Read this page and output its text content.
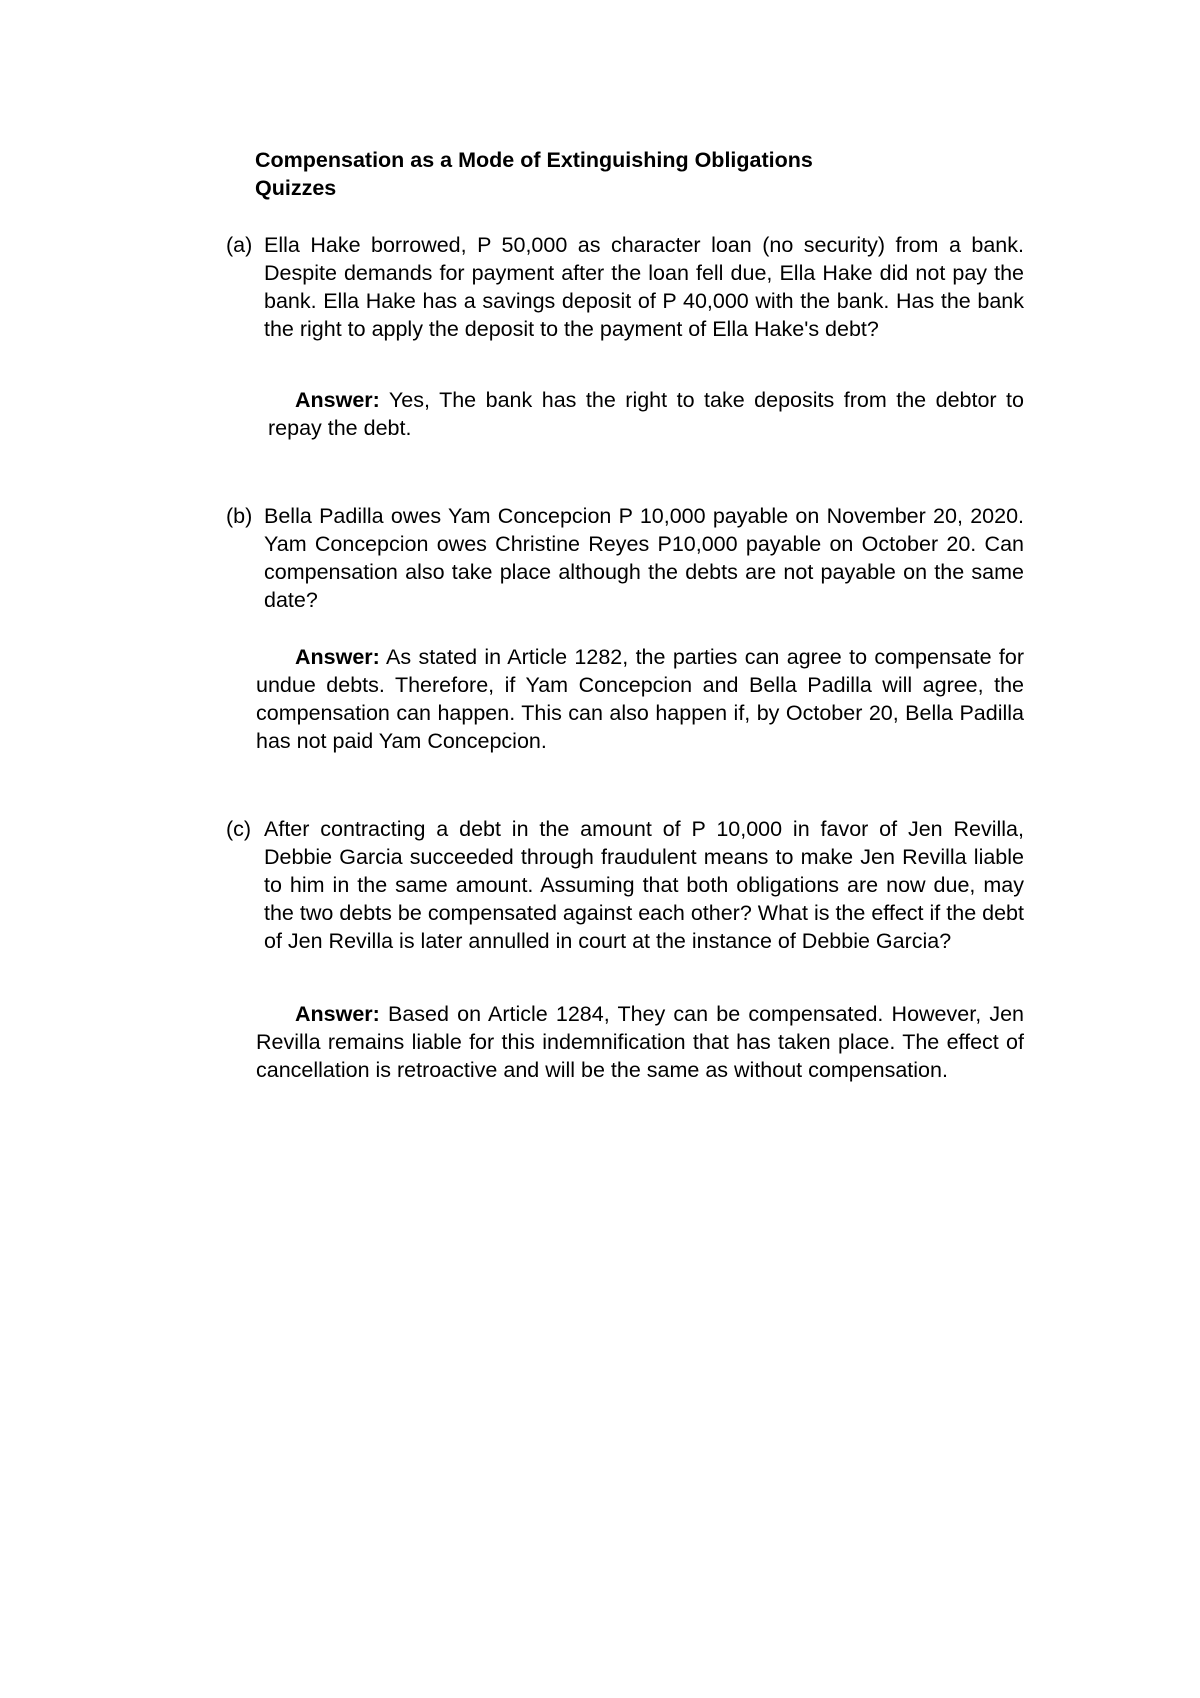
Compensation as a Mode of Extinguishing Obligations
Quizzes
(a) Ella Hake borrowed, P 50,000 as character loan (no security) from a bank. Despite demands for payment after the loan fell due, Ella Hake did not pay the bank. Ella Hake has a savings deposit of P 40,000 with the bank. Has the bank the right to apply the deposit to the payment of Ella Hake's debt?
Answer: Yes, The bank has the right to take deposits from the debtor to repay the debt.
(b) Bella Padilla owes Yam Concepcion P 10,000 payable on November 20, 2020. Yam Concepcion owes Christine Reyes P10,000 payable on October 20. Can compensation also take place although the debts are not payable on the same date?
Answer: As stated in Article 1282, the parties can agree to compensate for undue debts. Therefore, if Yam Concepcion and Bella Padilla will agree, the compensation can happen. This can also happen if, by October 20, Bella Padilla has not paid Yam Concepcion.
(c) After contracting a debt in the amount of P 10,000 in favor of Jen Revilla, Debbie Garcia succeeded through fraudulent means to make Jen Revilla liable to him in the same amount. Assuming that both obligations are now due, may the two debts be compensated against each other? What is the effect if the debt of Jen Revilla is later annulled in court at the instance of Debbie Garcia?
Answer: Based on Article 1284, They can be compensated. However, Jen Revilla remains liable for this indemnification that has taken place. The effect of cancellation is retroactive and will be the same as without compensation.
